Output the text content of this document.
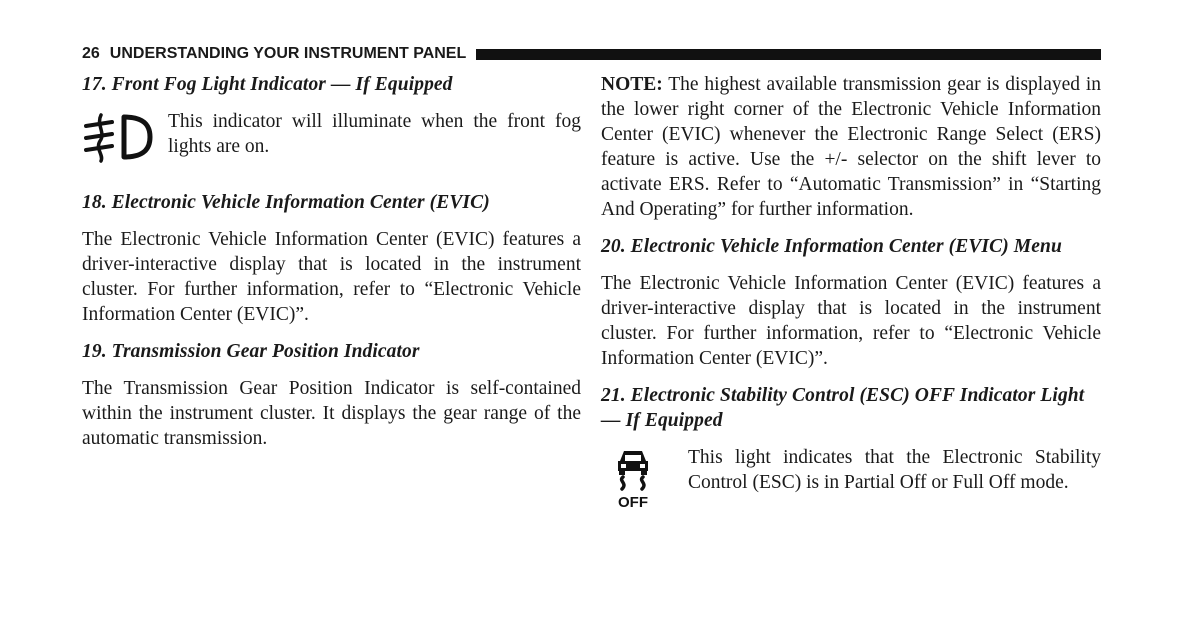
26 UNDERSTANDING YOUR INSTRUMENT PANEL
17. Front Fog Light Indicator — If Equipped
This indicator will illuminate when the front fog lights are on.
18. Electronic Vehicle Information Center (EVIC)

The Electronic Vehicle Information Center (EVIC) features a driver-interactive display that is located in the instrument cluster. For further information, refer to “Electronic Vehicle Information Center (EVIC)”.

19. Transmission Gear Position Indicator

The Transmission Gear Position Indicator is self-contained within the instrument cluster. It displays the gear range of the automatic transmission.

NOTE: The highest available transmission gear is displayed in the lower right corner of the Electronic Vehicle Information Center (EVIC) whenever the Electronic Range Select (ERS) feature is active. Use the +/- selector on the shift lever to activate ERS. Refer to “Automatic Transmission” in “Starting And Operating” for further information.

20. Electronic Vehicle Information Center (EVIC) Menu

The Electronic Vehicle Information Center (EVIC) features a driver-interactive display that is located in the instrument cluster. For further information, refer to “Electronic Vehicle Information Center (EVIC)”.

21. Electronic Stability Control (ESC) OFF Indicator Light — If Equipped
OFF
This light indicates that the Electronic Stability Control (ESC) is in Partial Off or Full Off mode.
